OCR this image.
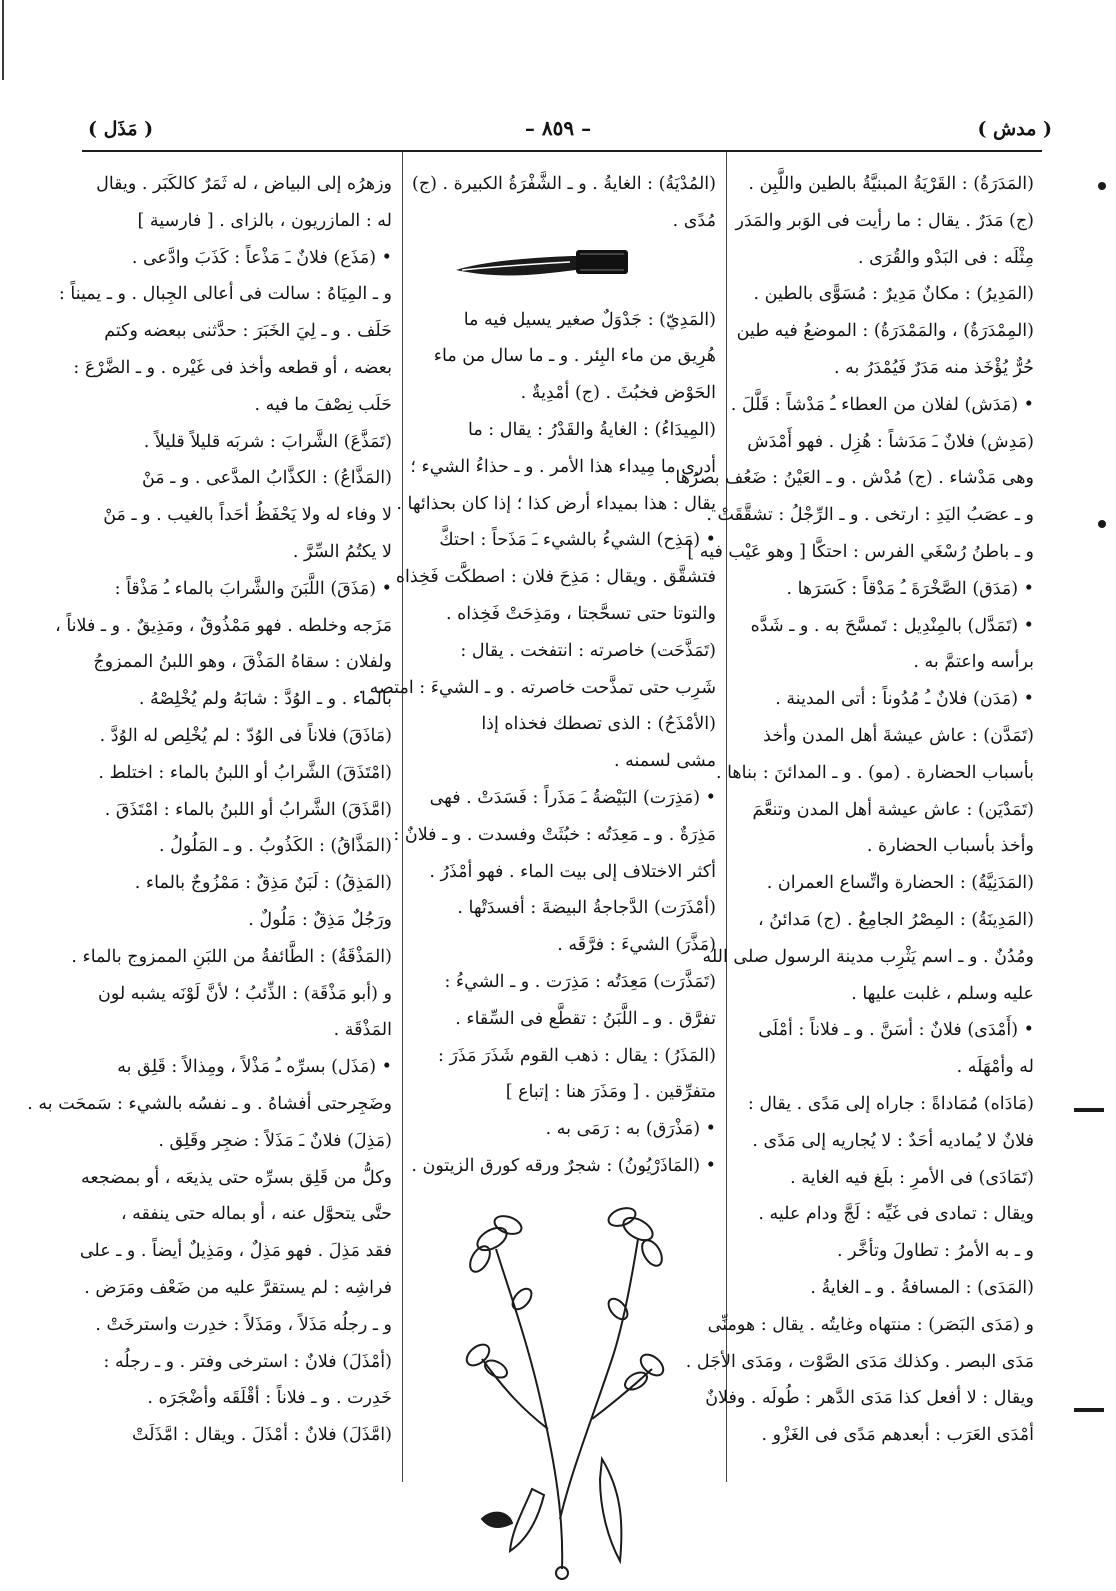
( مدش )
– ٨٥٩ –
( مَذَل )
(المَدَرَةُ) : القَرْيَةُ المبنيَّةُ بالطين واللَّبِن .
(ج) مَدَرٌ . يقال : ما رأيت فى الوَبر والمَدَر
مِثْلَه : فى البَدْو والقُرَى .
(المَدِيرُ) : مكانٌ مَدِيرٌ : مُسَوًّى بالطين .
(المِمْدَرَةُ) ، والمَمْدَرَةُ) : الموضعُ فيه طين
حُرٌّ يُؤْخَذ منه مَدَرٌ فَيُمْدَرُ به .
• (مَدَش) لفلان من العطاء ـُ مَدْشاً : قَلَّلَ .
(مَدِش) فلانٌ ـَ مَدَشاً : هُزِل . فهو أَمْدَش
وهى مَدْشاء . (ج) مُدْش . و ـ العَيْنُ : ضَعُف بصرُها .
و ـ عصَبُ اليَدِ : ارتخى . و ـ الرِّجْلُ : تشقَّقَتْ .
و ـ باطنُ رُسْغَي الفرس : احتكَّا [ وهو عَيْب فيه ]
• (مَدَق) الصَّخْرَةَ ـُ مَدْقاً : كَسَرَها .
• (تَمَدَّل) بالمِنْدِيل : تَمسَّحَ به . و ـ شَدَّه
برأسه واعتمَّ به .
• (مَدَن) فلانٌ ـُ مُدُوناً : أتى المدينة .
(تَمَدَّن) : عاش عيشةَ أهل المدن وأخذ
بأسباب الحضارة . (مو) . و ـ المدائنَ : بناها .
(تَمَدْيَن) : عاش عيشة أهل المدن وتنعَّمَ
وأخذ بأسباب الحضارة .
(المَدَنِيَّةُ) : الحضارة واتِّساع العمران .
(المَدِينَةُ) : المِصْرُ الجامِعُ . (ج) مَدائنُ ،
ومُدُنٌ . و ـ اسم يَثْرِب مدينة الرسول صلى الله
عليه وسلم ، غلبت عليها .
• (أَمْدَى) فلانٌ : أسَنَّ . و ـ فلاناً : أمْلَى
له وأمْهَلَه .
(مَادَاه) مُمَاداةً : جاراه إلى مَدًى . يقال :
فلانٌ لا يُماديه أحَدٌ : لا يُجاريه إلى مَدًى .
(تَمَادَى) فى الأمرِ : بلَغ فيه الغاية .
ويقال : تمادى فى غَيِّه : لَجَّ ودام عليه .
و ـ به الأمرُ : تطاولَ وتأخَّر .
(المَدَى) : المسافةُ . و ـ الغايةُ .
و (مَدَى البَصَر) : منتهاه وغايتُه . يقال : هومنِّى
مَدَى البصر . وكذلك مَدَى الصَّوْت ، ومَدَى الأجَل .
ويقال : لا أفعل كذا مَدَى الدَّهر : طُولَه . وفلانٌ
أمْدَى العَرَب : أبعدهم مَدًى فى الغَزْو .
(المُدْيَةُ) : الغايةُ . و ـ الشَّفْرَةُ الكبيرة . (ج)
مُدًى .
(المَدِيّ) : جَدْوَلٌ صغير يسيل فيه ما
هُرِيق من ماء البِئر . و ـ ما سال من ماء
الحَوْض فخبُثَ . (ج) أمْدِيةٌ .
(المِيدَاءُ) : الغايةُ والقَدْرُ : يقال : ما
أدرى ما مِيداء هذا الأمر . و ـ حذاءُ الشيء ؛
يقال : هذا بميداء أرض كذا ؛ إذا كان بحذائها .
• (مَذِح) الشيءُ بالشيء ـَ مَذَحاً : احتكَّ
فتشقَّق . ويقال : مَذِحَ فلان : اصطكَّت فَخِذاه
والتوتا حتى تسحَّجتا ، ومَذِحَتْ فَخِذاه .
(تَمَذَّحَت) خاصرته : انتفخت . يقال :
شَرِب حتى تمذَّحت خاصرته . و ـ الشيءَ : امتصه .
(الأمْذَحُ) : الذى تصطك فخذاه إذا
مشى لسمنه .
• (مَذِرَت) البَيْضةُ ـَ مَذَراً : فَسَدَتْ . فهى
مَذِرَةٌ . و ـ مَعِدَتُه : خبُثَتْ وفسدت . و ـ فلانٌ :
أكثر الاختلاف إلى بيت الماء . فهو أمْذَرُ .
(أمْذَرَت) الدَّجاجةُ البيضةَ : أفسدَتْها .
(مَذَّرَ) الشيءَ : فرَّقَه .
(تَمَذَّرَت) مَعِدَتُه : مَذِرَت . و ـ الشيءُ :
تفرَّق . و ـ اللَّبَنُ : تقطَّع فى السِّقاء .
(المَذَرُ) : يقال : ذهب القوم شَذَرَ مَذَرَ :
متفرِّقين . [ ومَذَرَ هنا : إتباع ]
• (مَذْرَق) به : رَمَى به .
• (المَاذَرْيُونُ) : شجرٌ ورقه كورق الزيتون .
وزهرُه إلى البياض ، له ثَمَرٌ كالكَبَر . ويقال
له : المازريون ، بالزاى . [ فارسية ]
• (مَذَع) فلانٌ ـَ مَذْعاً : كَذَبَ وادَّعى .
و ـ المِيَاهُ : سالت فى أعالى الجِبال . و ـ يميناً :
حَلَف . و ـ لِيَ الخَبَرَ : حدَّثنى ببعضه وكتم
بعضه ، أو قطعه وأخذ فى غَيْره . و ـ الضَّرْعَ :
حَلَب نِصْفَ ما فيه .
(تَمَذَّعَ) الشَّرابَ : شربَه قليلاً قليلاً .
(المَذَّاعُ) : الكذَّابُ المدَّعى . و ـ مَنْ
لا وفاء له ولا يَحْفَظُ أحَداً بالغيب . و ـ مَنْ
لا يكتُمُ السِّرَّ .
• (مَذَقَ) اللَّبَنَ والشَّرابَ بالماء ـُ مَذْقاً :
مَزَجه وخلطه . فهو مَمْذُوقٌ ، ومَذِيقٌ . و ـ فلاناً ،
ولفلان : سقاهُ المَذْقَ ، وهو اللبنُ الممزوجُ
بالماء . و ـ الوُدَّ : شابَهُ ولم يُخْلِصْهُ .
(مَاذَقَ) فلاناً فى الوُدّ : لم يُخْلِص له الوُدَّ .
(امْتَذَقَ) الشَّرابُ أو اللبنُ بالماء : اختلط .
(امَّذَقَ) الشَّرابُ أو اللبنُ بالماء : امْتَذَقَ .
(المَذَّاقُ) : الكَذُوبُ . و ـ المَلُولُ .
(المَذِقُ) : لَبَنٌ مَذِقٌ : مَمْزُوجٌ بالماء .
ورَجُلٌ مَذِقٌ : مَلُولٌ .
(المَذْقَةُ) : الطَّائفةُ من اللبَنِ الممزوج بالماء .
و (أبو مَذْقَة) : الذِّئبُ ؛ لأنَّ لَوْنَه يشبه لون
المَذْقَة .
• (مَذَل) بسرِّه ـُ مَذْلاً ، ومِذالاً : قَلِق به
وضَجِرحتى أفشاهُ . و ـ نفسُه بالشيء : سَمحَت به .
(مَذِلَ) فلانٌ ـَ مَذَلاً : ضجِر وقَلِق .
وكلُّ من قَلِق بسرِّه حتى يذيعَه ، أو بمضجعه
حتَّى يتحوَّل عنه ، أو بماله حتى ينفقه ،
فقد مَذِلَ . فهو مَذِلٌ ، ومَذِيلٌ أيضاً . و ـ على
فراشِه : لم يستقرَّ عليه من ضَعْف ومَرَض .
و ـ رجلُه مَذَلاً ، ومَذَلاً : خدِرت واسترخَتْ .
(أمْذَلَ) فلانٌ : استرخى وفتر . و ـ رجلُه :
خَدِرت . و ـ فلاناً : أقْلَقَه وأضْجَرَه .
(امَّذَلَ) فلانٌ : أمْذَلَ . ويقال : امَّذَلَتْ
